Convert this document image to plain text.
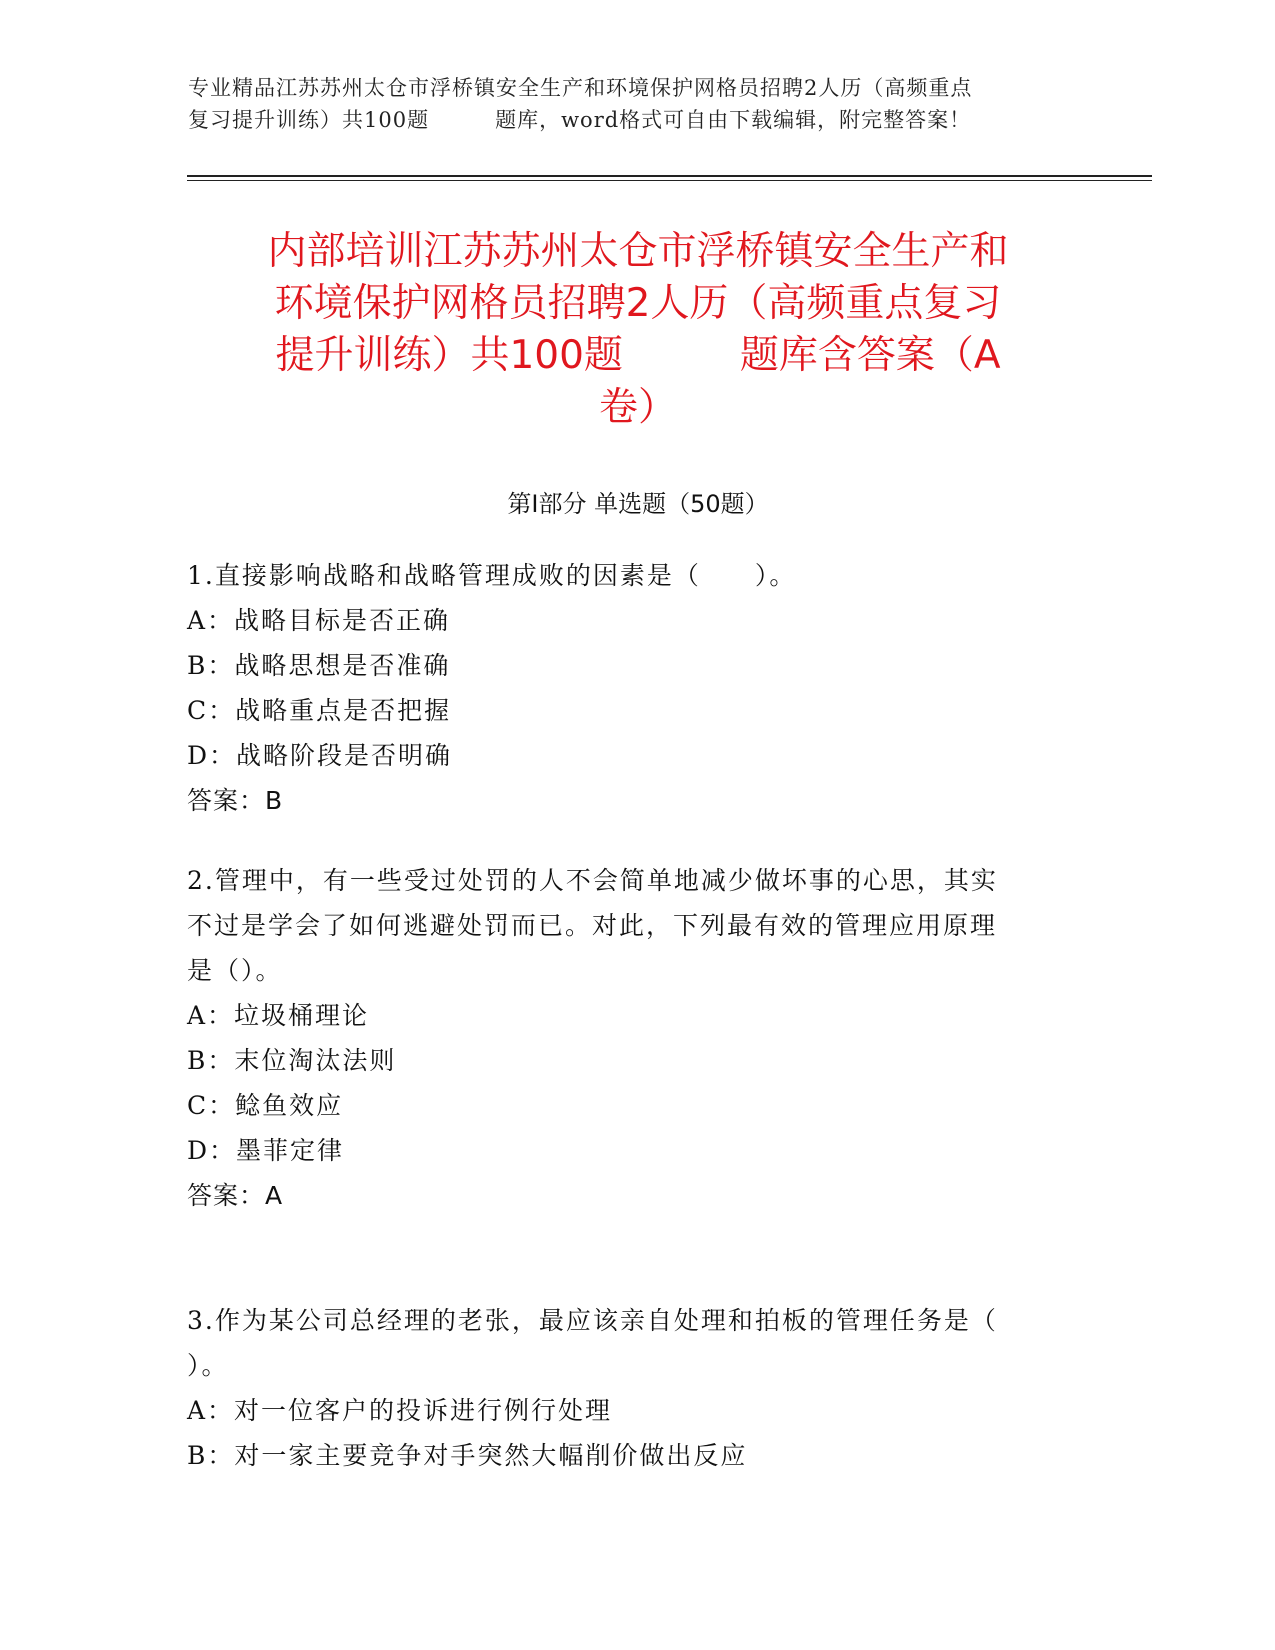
专业精品江苏苏州太仓市浮桥镇安全生产和环境保护网格员招聘2人历（高频重点
复习提升训练）共100题　　　题库，word格式可自由下载编辑，附完整答案！
内部培训江苏苏州太仓市浮桥镇安全生产和
环境保护网格员招聘2人历（高频重点复习
提升训练）共100题　　　题库含答案（A
卷）
第Ⅰ部分 单选题（50题）
1.直接影响战略和战略管理成败的因素是（　　）。
A：战略目标是否正确
B：战略思想是否准确
C：战略重点是否把握
D：战略阶段是否明确
答案：B
2.管理中，有一些受过处罚的人不会简单地减少做坏事的心思，其实
不过是学会了如何逃避处罚而已。对此，下列最有效的管理应用原理
是（）。
A：垃圾桶理论
B：末位淘汰法则
C：鲶鱼效应
D：墨菲定律
答案：A
3.作为某公司总经理的老张，最应该亲自处理和拍板的管理任务是（
）。
A：对一位客户的投诉进行例行处理
B：对一家主要竞争对手突然大幅削价做出反应
